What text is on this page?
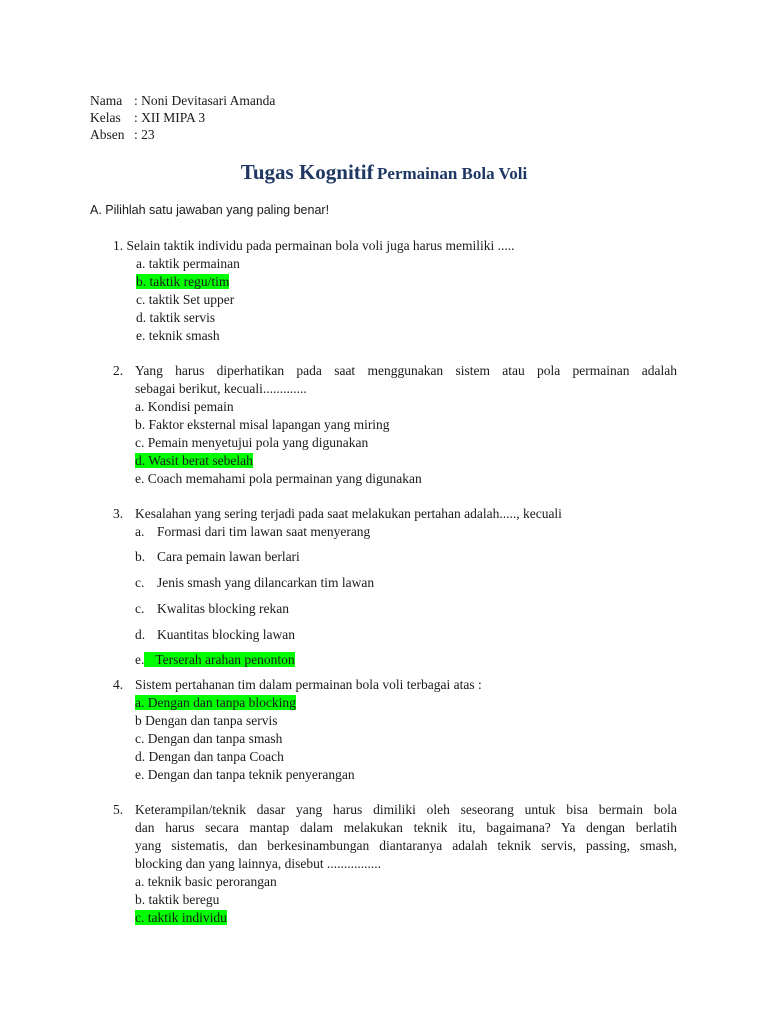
Nama : Noni Devitasari Amanda
Kelas : XII MIPA 3
Absen : 23
Tugas Kognitif Permainan Bola Voli
A. Pilihlah satu jawaban yang paling benar!
1. Selain taktik individu pada permainan bola voli juga harus memiliki .....
a. taktik permainan
b. taktik regu/tim
c. taktik Set upper
d. taktik servis
e. teknik smash
2. Yang harus diperhatikan pada saat menggunakan sistem atau pola permainan adalah
sebagai berikut, kecuali.............
a. Kondisi pemain
b. Faktor eksternal misal lapangan yang miring
c. Pemain menyetujui pola yang digunakan
d. Wasit berat sebelah
e. Coach memahami pola permainan yang digunakan
3. Kesalahan yang sering terjadi pada saat melakukan pertahan adalah....., kecuali
a. Formasi dari tim lawan saat menyerang
b. Cara pemain lawan berlari
c. Jenis smash yang dilancarkan tim lawan
c. Kwalitas blocking rekan
d. Kuantitas blocking lawan
e. Terserah arahan penonton
4. Sistem pertahanan tim dalam permainan bola voli terbagai atas :
a. Dengan dan tanpa blocking
b Dengan dan tanpa servis
c. Dengan dan tanpa smash
d. Dengan dan tanpa Coach
e. Dengan dan tanpa teknik penyerangan
5. Keterampilan/teknik dasar yang harus dimiliki oleh seseorang untuk bisa bermain bola
dan harus secara mantap dalam melakukan teknik itu, bagaimana? Ya dengan berlatih
yang sistematis, dan berkesinambungan diantaranya adalah teknik servis, passing, smash,
blocking dan yang lainnya, disebut ................
a. teknik basic perorangan
b. taktik beregu
c. taktik individu
